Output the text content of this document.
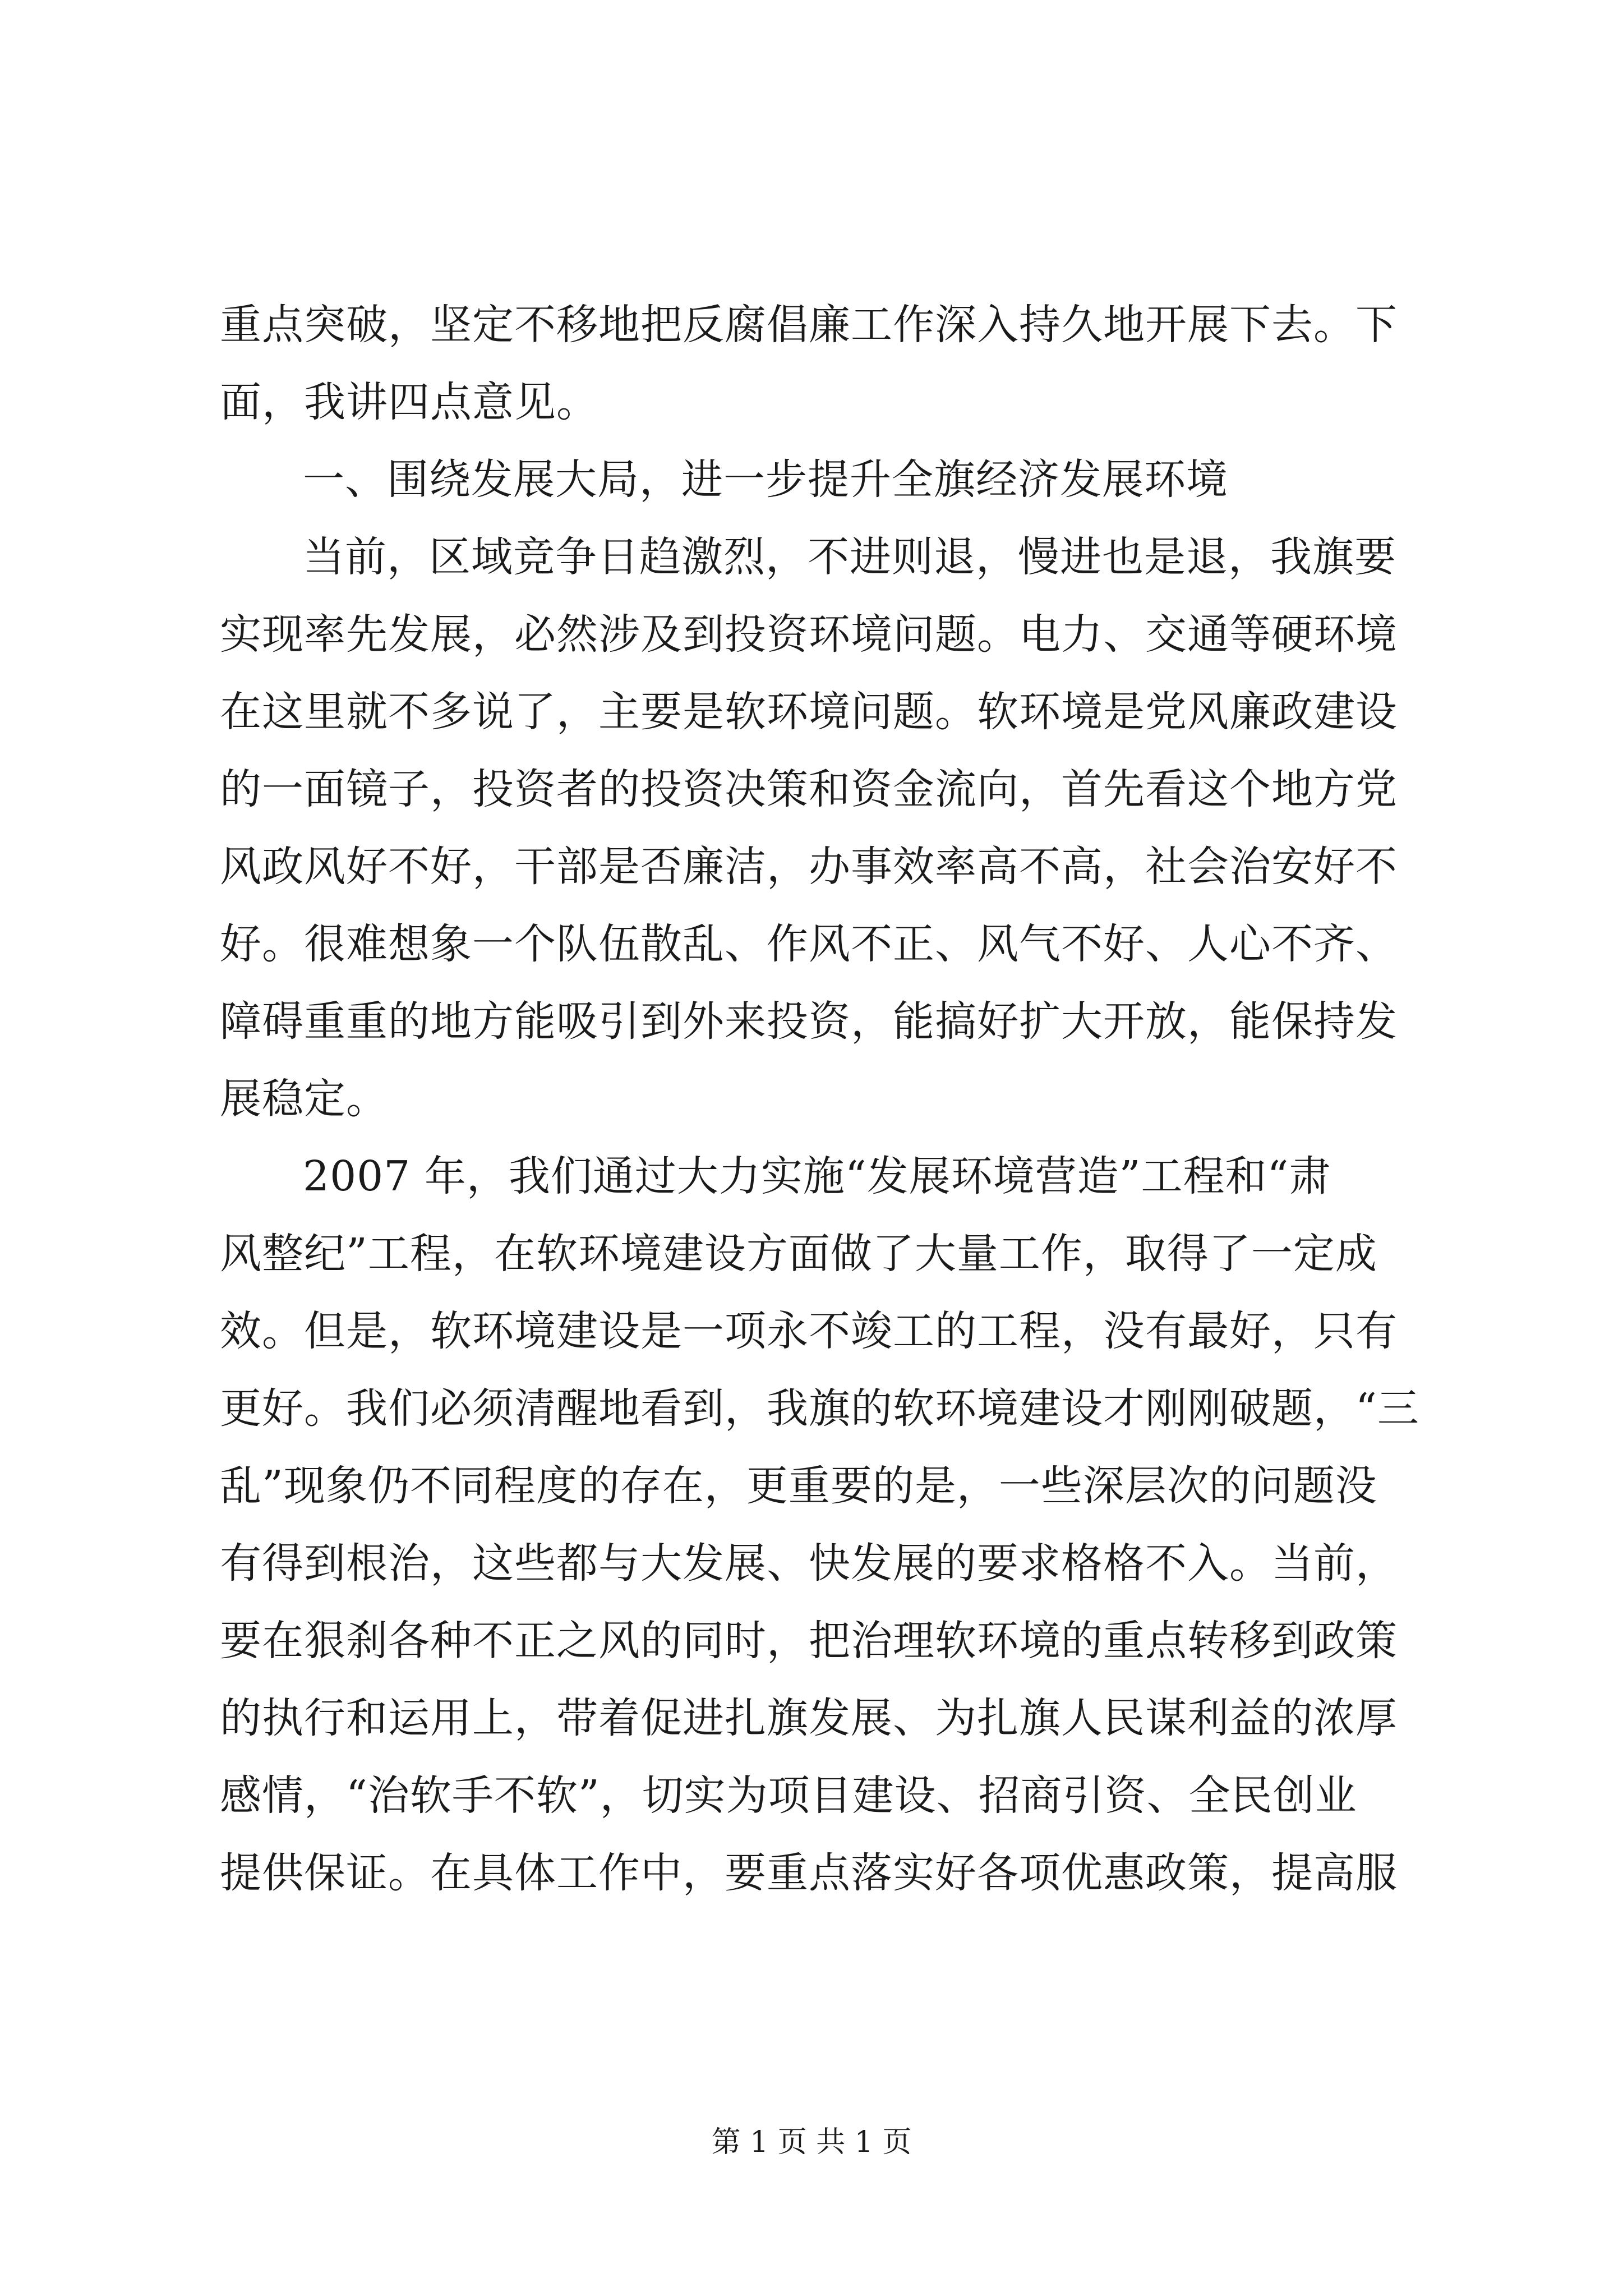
重点突破，坚定不移地把反腐倡廉工作深入持久地开展下去。下
面，我讲四点意见。
一、围绕发展大局，进一步提升全旗经济发展环境
当前，区域竞争日趋激烈，不进则退，慢进也是退，我旗要
实现率先发展，必然涉及到投资环境问题。电力、交通等硬环境
在这里就不多说了，主要是软环境问题。软环境是党风廉政建设
的一面镜子，投资者的投资决策和资金流向，首先看这个地方党
风政风好不好，干部是否廉洁，办事效率高不高，社会治安好不
好。很难想象一个队伍散乱、作风不正、风气不好、人心不齐、
障碍重重的地方能吸引到外来投资，能搞好扩大开放，能保持发
展稳定。
2007 年，我们通过大力实施“发展环境营造”工程和“肃
风整纪”工程，在软环境建设方面做了大量工作，取得了一定成
效。但是，软环境建设是一项永不竣工的工程，没有最好，只有
更好。我们必须清醒地看到，我旗的软环境建设才刚刚破题，“三
乱”现象仍不同程度的存在，更重要的是，一些深层次的问题没
有得到根治，这些都与大发展、快发展的要求格格不入。当前，
要在狠刹各种不正之风的同时，把治理软环境的重点转移到政策
的执行和运用上，带着促进扎旗发展、为扎旗人民谋利益的浓厚
感情，“治软手不软”，切实为项目建设、招商引资、全民创业
提供保证。在具体工作中，要重点落实好各项优惠政策，提高服
第 1 页 共 1 页
